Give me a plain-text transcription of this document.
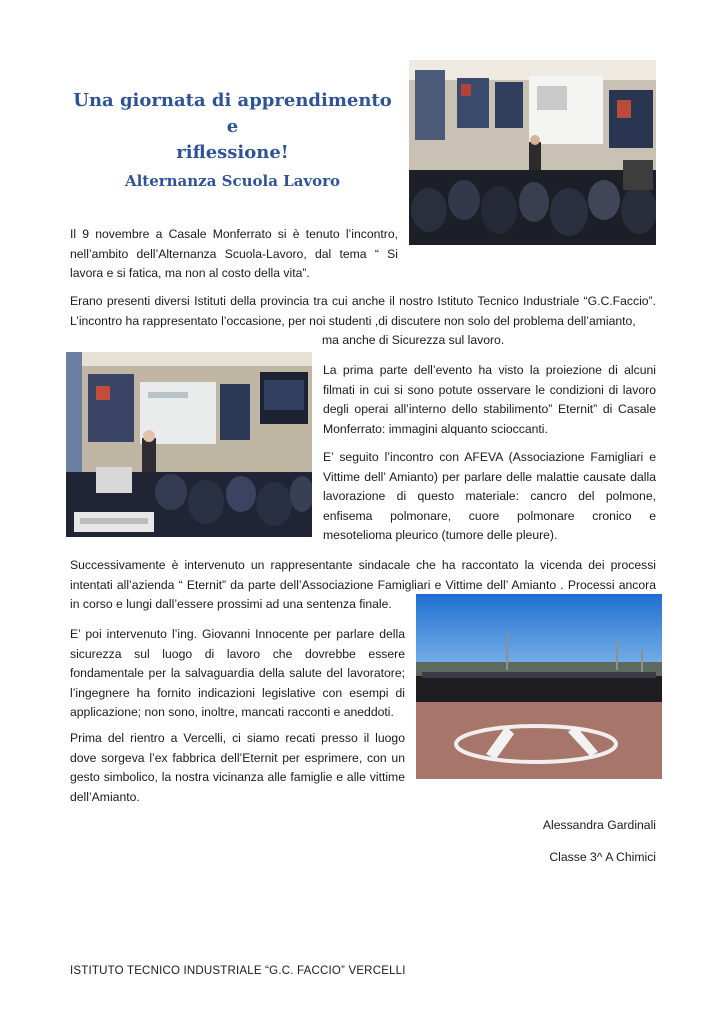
Una giornata di apprendimento e
riflessione!
Alternanza Scuola Lavoro

Il 9 novembre a Casale Monferrato si è tenuto l’incontro, nell’ambito dell’Alternanza Scuola-Lavoro, dal tema “ Si lavora e si fatica, ma non al costo della vita”.

Erano presenti diversi Istituti della provincia tra cui anche il nostro Istituto Tecnico Industriale “G.C.Faccio”. L’incontro ha rappresentato l’occasione, per noi studenti ,di discutere non solo del problema dell’amianto,

ma anche di Sicurezza sul lavoro.

La prima parte dell’evento ha visto la proiezione di alcuni filmati in cui si sono potute osservare le condizioni di lavoro degli operai all’interno dello stabilimento” Eternit” di Casale Monferrato: immagini alquanto scioccanti.

E’ seguito l’incontro con AFEVA (Associazione Famigliari e Vittime dell’ Amianto) per parlare delle malattie causate dalla lavorazione di questo materiale: cancro del polmone, enfisema polmonare, cuore polmonare cronico e mesotelioma pleurico (tumore delle pleure).

Successivamente è intervenuto un rappresentante sindacale che ha raccontato la vicenda dei processi intentati all’azienda “ Eternit” da parte dell’Associazione Famigliari e Vittime dell’ Amianto . Processi ancora in corso e lungi dall’essere prossimi ad una sentenza finale.

E’ poi intervenuto l’ing. Giovanni Innocente per parlare della sicurezza sul luogo di lavoro che dovrebbe essere fondamentale per la salvaguardia della salute del lavoratore; l’ingegnere ha fornito indicazioni legislative con esempi di applicazione; non sono, inoltre, mancati racconti e aneddoti.

Prima del rientro a Vercelli, ci siamo recati presso il luogo dove sorgeva l’ex fabbrica dell’Eternit per esprimere, con un gesto simbolico, la nostra vicinanza alle famiglie e alle vittime dell’Amianto.

Alessandra Gardinali
Classe 3^ A Chimici
ISTITUTO TECNICO INDUSTRIALE “G.C. FACCIO” VERCELLI
